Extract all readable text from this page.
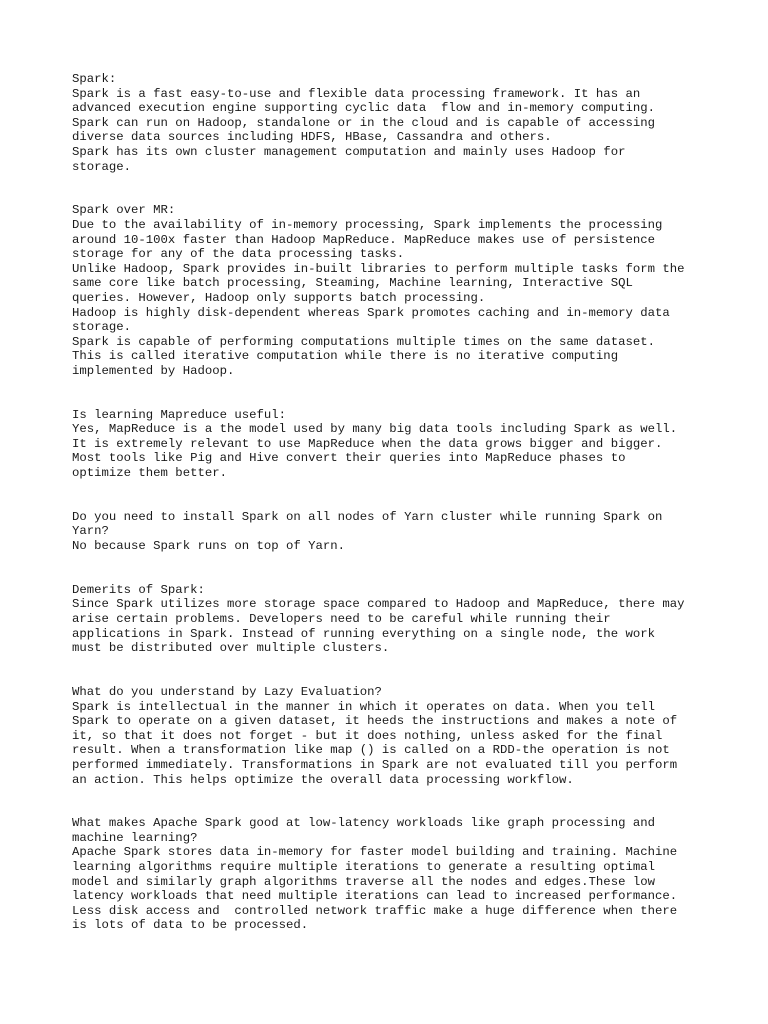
Spark:
Spark is a fast easy-to-use and flexible data processing framework. It has an
advanced execution engine supporting cyclic data  flow and in-memory computing.
Spark can run on Hadoop, standalone or in the cloud and is capable of accessing
diverse data sources including HDFS, HBase, Cassandra and others.
Spark has its own cluster management computation and mainly uses Hadoop for
storage.
Spark over MR:
Due to the availability of in-memory processing, Spark implements the processing
around 10-100x faster than Hadoop MapReduce. MapReduce makes use of persistence
storage for any of the data processing tasks.
Unlike Hadoop, Spark provides in-built libraries to perform multiple tasks form the
same core like batch processing, Steaming, Machine learning, Interactive SQL
queries. However, Hadoop only supports batch processing.
Hadoop is highly disk-dependent whereas Spark promotes caching and in-memory data
storage.
Spark is capable of performing computations multiple times on the same dataset.
This is called iterative computation while there is no iterative computing
implemented by Hadoop.
Is learning Mapreduce useful:
Yes, MapReduce is a the model used by many big data tools including Spark as well.
It is extremely relevant to use MapReduce when the data grows bigger and bigger.
Most tools like Pig and Hive convert their queries into MapReduce phases to
optimize them better.
Do you need to install Spark on all nodes of Yarn cluster while running Spark on
Yarn?
No because Spark runs on top of Yarn.
Demerits of Spark:
Since Spark utilizes more storage space compared to Hadoop and MapReduce, there may
arise certain problems. Developers need to be careful while running their
applications in Spark. Instead of running everything on a single node, the work
must be distributed over multiple clusters.
What do you understand by Lazy Evaluation?
Spark is intellectual in the manner in which it operates on data. When you tell
Spark to operate on a given dataset, it heeds the instructions and makes a note of
it, so that it does not forget - but it does nothing, unless asked for the final
result. When a transformation like map () is called on a RDD-the operation is not
performed immediately. Transformations in Spark are not evaluated till you perform
an action. This helps optimize the overall data processing workflow.
What makes Apache Spark good at low-latency workloads like graph processing and
machine learning?
Apache Spark stores data in-memory for faster model building and training. Machine
learning algorithms require multiple iterations to generate a resulting optimal
model and similarly graph algorithms traverse all the nodes and edges.These low
latency workloads that need multiple iterations can lead to increased performance.
Less disk access and  controlled network traffic make a huge difference when there
is lots of data to be processed.
